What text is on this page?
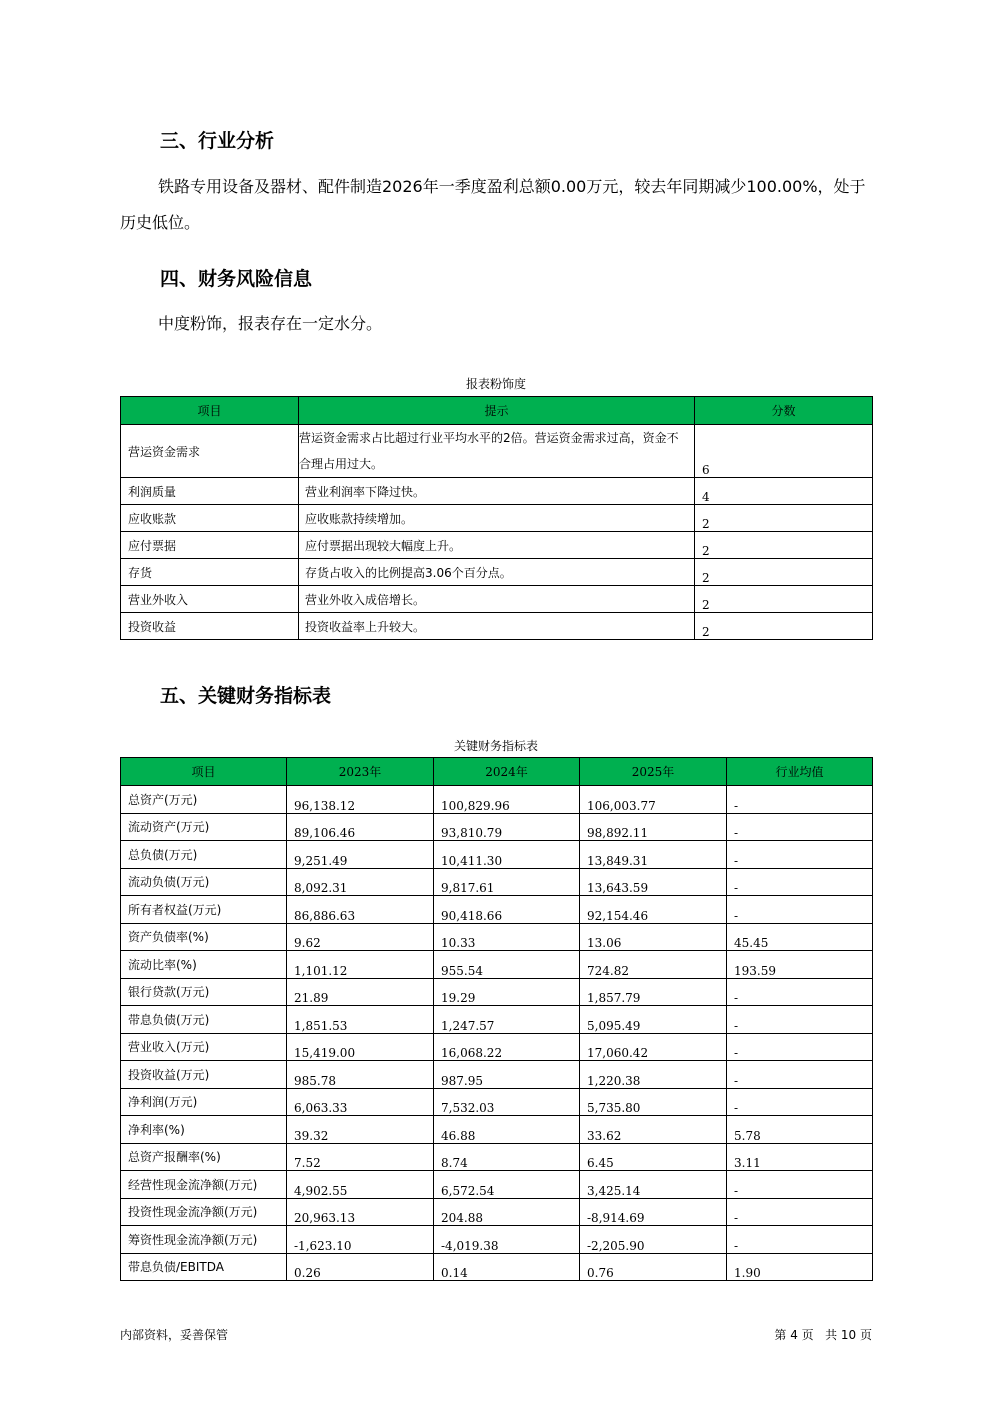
三、行业分析

铁路专用设备及器材、配件制造2026年一季度盈利总额0.00万元，较去年同期减少100.00%，处于历史低位。

四、财务风险信息

中度粉饰，报表存在一定水分。

报表粉饰度
项目	提示	分数
营运资金需求	营运资金需求占比超过行业平均水平的2倍。营运资金需求过高，资金不合理占用过大。	6
利润质量	营业利润率下降过快。	4
应收账款	应收账款持续增加。	2
应付票据	应付票据出现较大幅度上升。	2
存货	存货占收入的比例提高3.06个百分点。	2
营业外收入	营业外收入成倍增长。	2
投资收益	投资收益率上升较大。	2
五、关键财务指标表
关键财务指标表
项目	2023年	2024年	2025年	行业均值
总资产(万元)	96,138.12	100,829.96	106,003.77	-
流动资产(万元)	89,106.46	93,810.79	98,892.11	-
总负债(万元)	9,251.49	10,411.30	13,849.31	-
流动负债(万元)	8,092.31	9,817.61	13,643.59	-
所有者权益(万元)	86,886.63	90,418.66	92,154.46	-
资产负债率(%)	9.62	10.33	13.06	45.45
流动比率(%)	1,101.12	955.54	724.82	193.59
银行贷款(万元)	21.89	19.29	1,857.79	-
带息负债(万元)	1,851.53	1,247.57	5,095.49	-
营业收入(万元)	15,419.00	16,068.22	17,060.42	-
投资收益(万元)	985.78	987.95	1,220.38	-
净利润(万元)	6,063.33	7,532.03	5,735.80	-
净利率(%)	39.32	46.88	33.62	5.78
总资产报酬率(%)	7.52	8.74	6.45	3.11
经营性现金流净额(万元)	4,902.55	6,572.54	3,425.14	-
投资性现金流净额(万元)	20,963.13	204.88	-8,914.69	-
筹资性现金流净额(万元)	-1,623.10	-4,019.38	-2,205.90	-
带息负债/EBITDA	0.26	0.14	0.76	1.90
内部资料，妥善保管	第 4 页   共 10 页
